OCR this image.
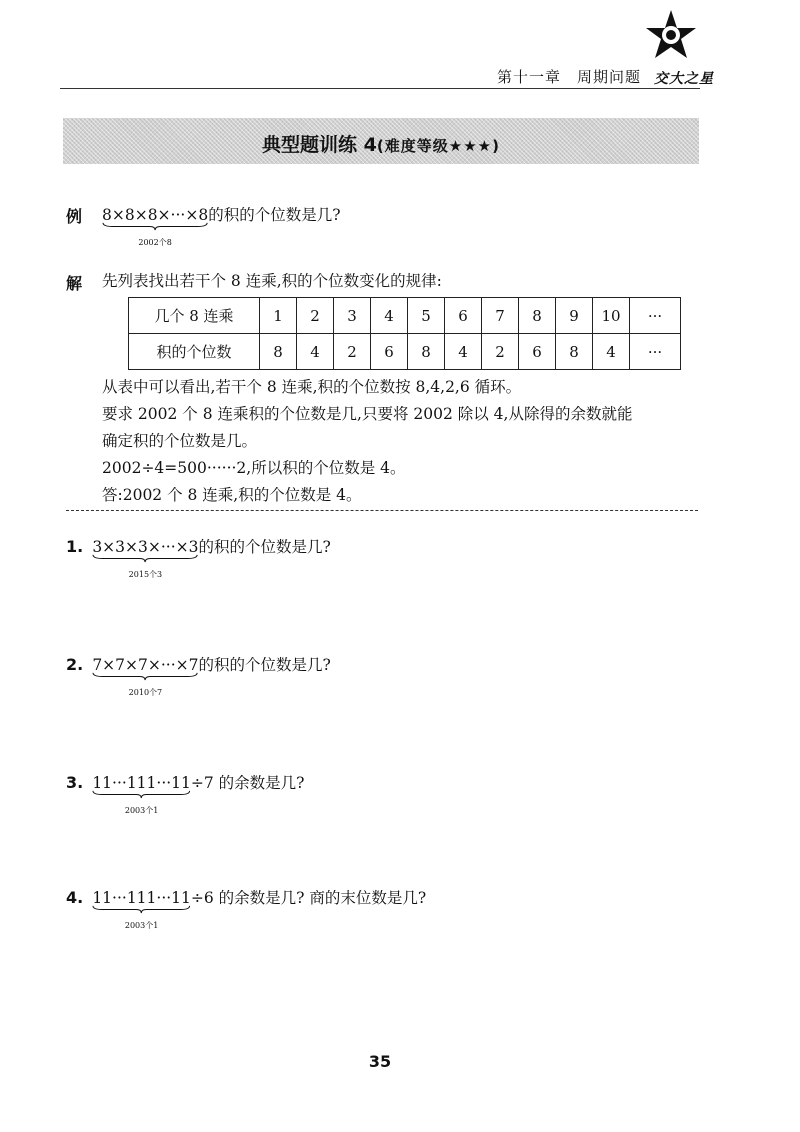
第十一章　周期问题 交大之星
典型题训练 4(难度等级★★★)
例 8×8×8×···×8
2002个8
的积的个位数是几?
解 先列表找出若干个 8 连乘,积的个位数变化的规律:
几个 8 连乘	1	2	3	4	5	6	7	8	9	10	···
积的个位数	8	4	2	6	8	4	2	6	8	4	···
从表中可以看出,若干个 8 连乘,积的个位数按 8,4,2,6 循环。
要求 2002 个 8 连乘积的个位数是几,只要将 2002 除以 4,从除得的余数就能
确定积的个位数是几。
2002÷4=500······2,所以积的个位数是 4。
答:2002 个 8 连乘,积的个位数是 4。
1. 3×3×3×···×3
2015个3
的积的个位数是几?
2. 7×7×7×···×7
2010个7
的积的个位数是几?
3. 11···111···11
2003个1
÷7 的余数是几?
4. 11···111···11
2003个1
÷6 的余数是几? 商的末位数是几?
35
